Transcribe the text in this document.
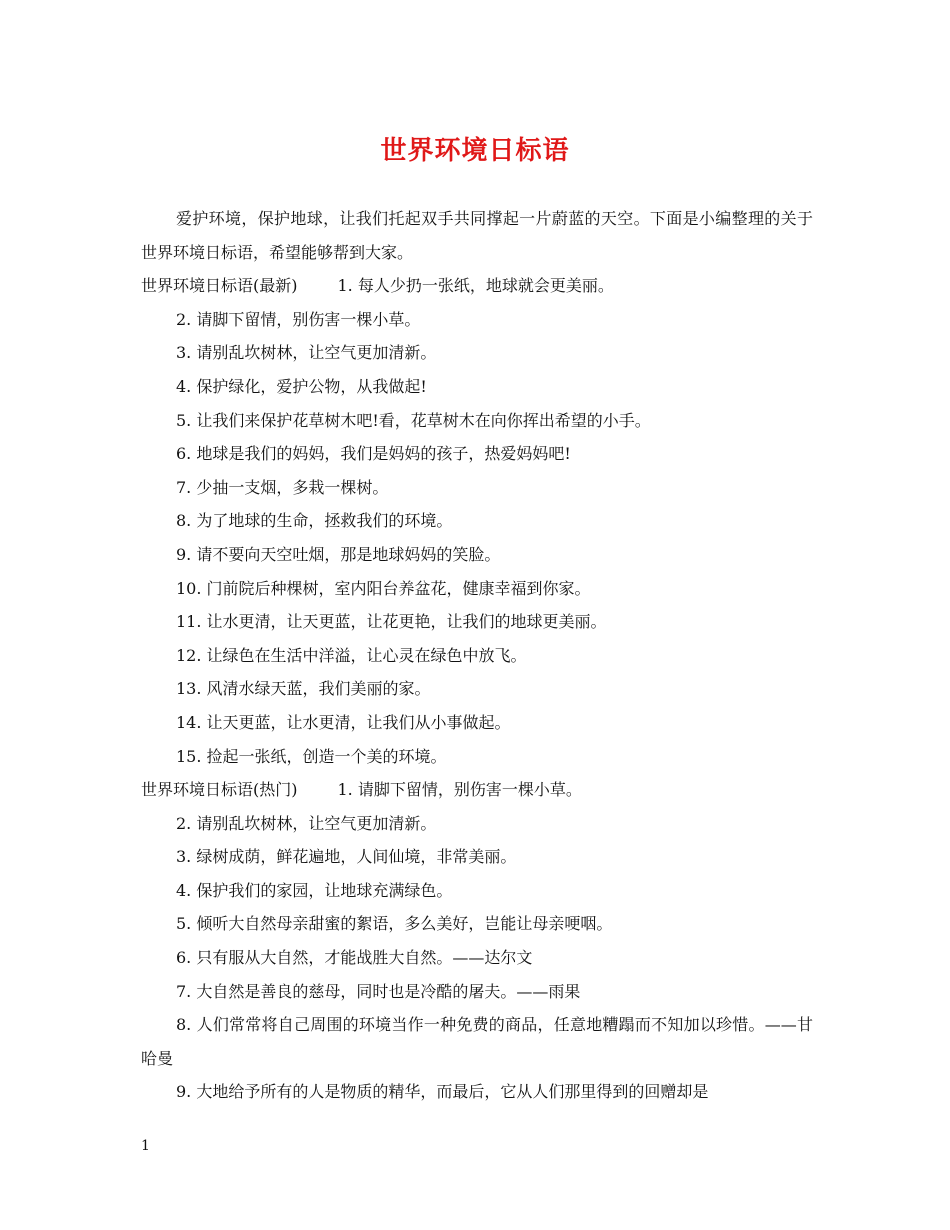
世界环境日标语

爱护环境，保护地球，让我们托起双手共同撑起一片蔚蓝的天空。下面是小编整理的关于世界环境日标语，希望能够帮到大家。

世界环境日标语(最新)	1. 每人少扔一张纸，地球就会更美丽。

2. 请脚下留情，别伤害一棵小草。

3. 请别乱坎树林，让空气更加清新。

4. 保护绿化，爱护公物，从我做起!

5. 让我们来保护花草树木吧!看，花草树木在向你挥出希望的小手。

6. 地球是我们的妈妈，我们是妈妈的孩子，热爱妈妈吧!

7. 少抽一支烟，多栽一棵树。

8. 为了地球的生命，拯救我们的环境。

9. 请不要向天空吐烟，那是地球妈妈的笑脸。

10. 门前院后种棵树，室内阳台养盆花，健康幸福到你家。

11. 让水更清，让天更蓝，让花更艳，让我们的地球更美丽。

12. 让绿色在生活中洋溢，让心灵在绿色中放飞。

13. 风清水绿天蓝，我们美丽的家。

14. 让天更蓝，让水更清，让我们从小事做起。

15. 捡起一张纸，创造一个美的环境。

世界环境日标语(热门)	1. 请脚下留情，别伤害一棵小草。

2. 请别乱坎树林，让空气更加清新。

3. 绿树成荫，鲜花遍地，人间仙境，非常美丽。

4. 保护我们的家园，让地球充满绿色。

5. 倾听大自然母亲甜蜜的絮语，多么美好，岂能让母亲哽咽。

6. 只有服从大自然，才能战胜大自然。——达尔文

7. 大自然是善良的慈母，同时也是冷酷的屠夫。——雨果

8. 人们常常将自己周围的环境当作一种免费的商品，任意地糟蹋而不知加以珍惜。——甘哈曼

9. 大地给予所有的人是物质的精华，而最后，它从人们那里得到的回赠却是

1
